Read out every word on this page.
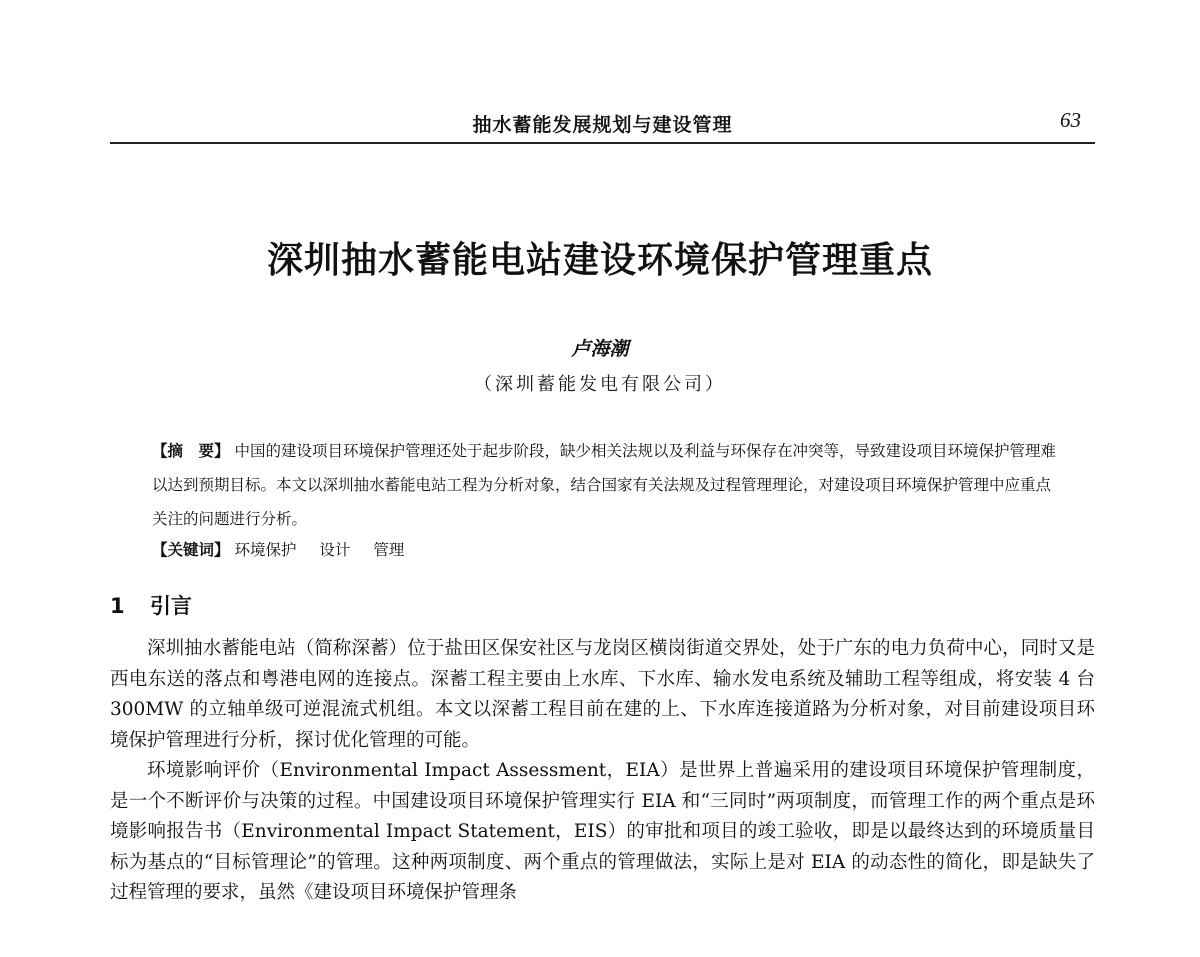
抽水蓄能发展规划与建设管理	63
深圳抽水蓄能电站建设环境保护管理重点
卢海潮
（深圳蓄能发电有限公司）

【摘　要】 中国的建设项目环境保护管理还处于起步阶段，缺少相关法规以及利益与环保存在冲突等，导致建设项目环境保护管理难以达到预期目标。本文以深圳抽水蓄能电站工程为分析对象，结合国家有关法规及过程管理理论，对建设项目环境保护管理中应重点关注的问题进行分析。

【关键词】 环境保护 设计 管理
1 引言

深圳抽水蓄能电站（简称深蓄）位于盐田区保安社区与龙岗区横岗街道交界处，处于广东的电力负荷中心，同时又是西电东送的落点和粤港电网的连接点。深蓄工程主要由上水库、下水库、输水发电系统及辅助工程等组成，将安装 4 台 300MW 的立轴单级可逆混流式机组。本文以深蓄工程目前在建的上、下水库连接道路为分析对象，对目前建设项目环境保护管理进行分析，探讨优化管理的可能。

环境影响评价（Environmental Impact Assessment，EIA）是世界上普遍采用的建设项目环境保护管理制度，是一个不断评价与决策的过程。中国建设项目环境保护管理实行 EIA 和“三同时”两项制度，而管理工作的两个重点是环境影响报告书（Environmental Impact Statement，EIS）的审批和项目的竣工验收，即是以最终达到的环境质量目标为基点的“目标管理论”的管理。这种两项制度、两个重点的管理做法，实际上是对 EIA 的动态性的简化，即是缺失了过程管理的要求，虽然《建设项目环境保护管理条
